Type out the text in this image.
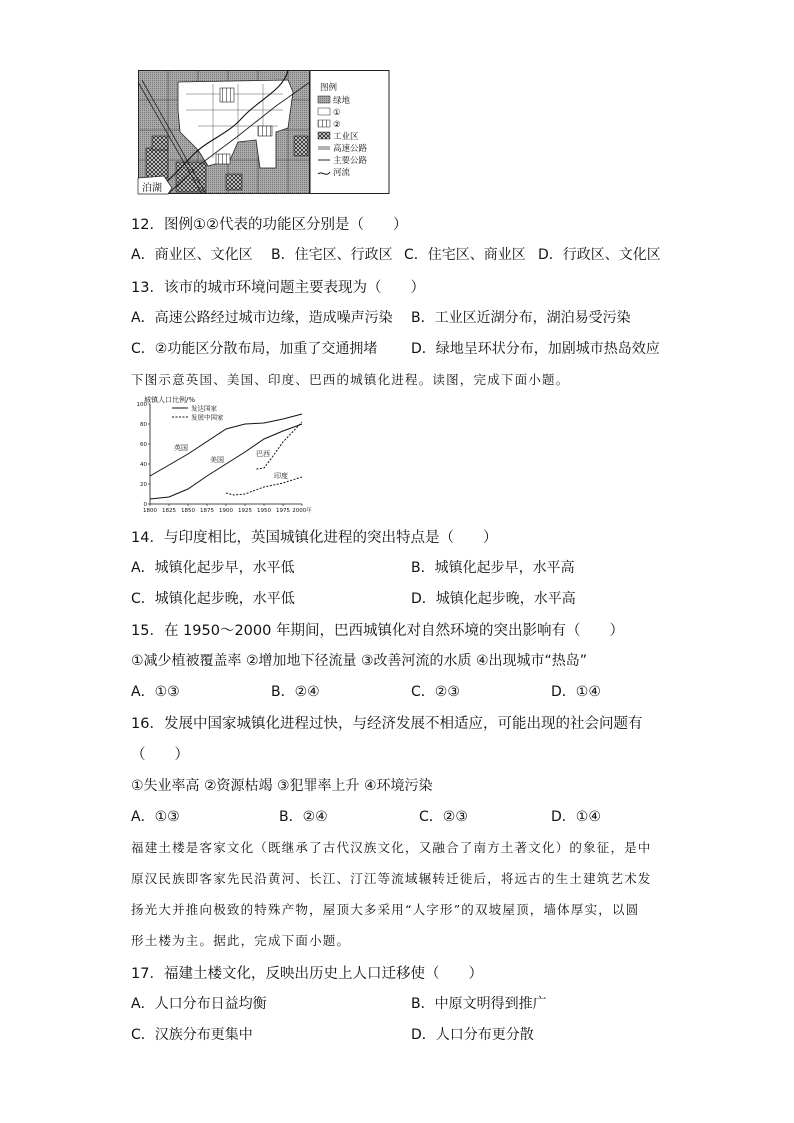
泊湖
图例
绿地
①
②
工业区
高速公路
主要公路
河流
12．图例①②代表的功能区分别是（　　）
A．商业区、文化区 B．住宅区、行政区 C．住宅区、商业区 D．行政区、文化区
13．该市的城市环境问题主要表现为（　　）
A．高速公路经过城市边缘，造成噪声污染 B．工业区近湖分布，湖泊易受污染
C．②功能区分散布局，加重了交通拥堵 D．绿地呈环状分布，加剧城市热岛效应
下图示意英国、美国、印度、巴西的城镇化进程。读图，完成下面小题。
城镇人口比例/%
0
20
40
60
80
100
1800 1825 1850 1875 1900 1925 1950 1975 2000年
发达国家
发展中国家
英国
美国
巴西
印度
14．与印度相比，英国城镇化进程的突出特点是（　　）
A．城镇化起步早，水平低	B．城镇化起步早，水平高
C．城镇化起步晚，水平低	D．城镇化起步晚，水平高
15．在 1950～2000 年期间，巴西城镇化对自然环境的突出影响有（　　）
①减少植被覆盖率 ②增加地下径流量 ③改善河流的水质 ④出现城市“热岛”
A．①③	B．②④	C．②③	D．①④
16．发展中国家城镇化进程过快，与经济发展不相适应，可能出现的社会问题有
（　　）
①失业率高 ②资源枯竭 ③犯罪率上升 ④环境污染
A．①③	B．②④	C．②③	D．①④
福建土楼是客家文化（既继承了古代汉族文化，又融合了南方土著文化）的象征，是中
原汉民族即客家先民沿黄河、长江、汀江等流域辗转迁徙后，将远古的生土建筑艺术发
扬光大并推向极致的特殊产物，屋顶大多采用“人字形”的双坡屋顶，墙体厚实，以圆
形土楼为主。据此，完成下面小题。
17．福建土楼文化，反映出历史上人口迁移使（　　）
A．人口分布日益均衡	B．中原文明得到推广
C．汉族分布更集中	D．人口分布更分散
